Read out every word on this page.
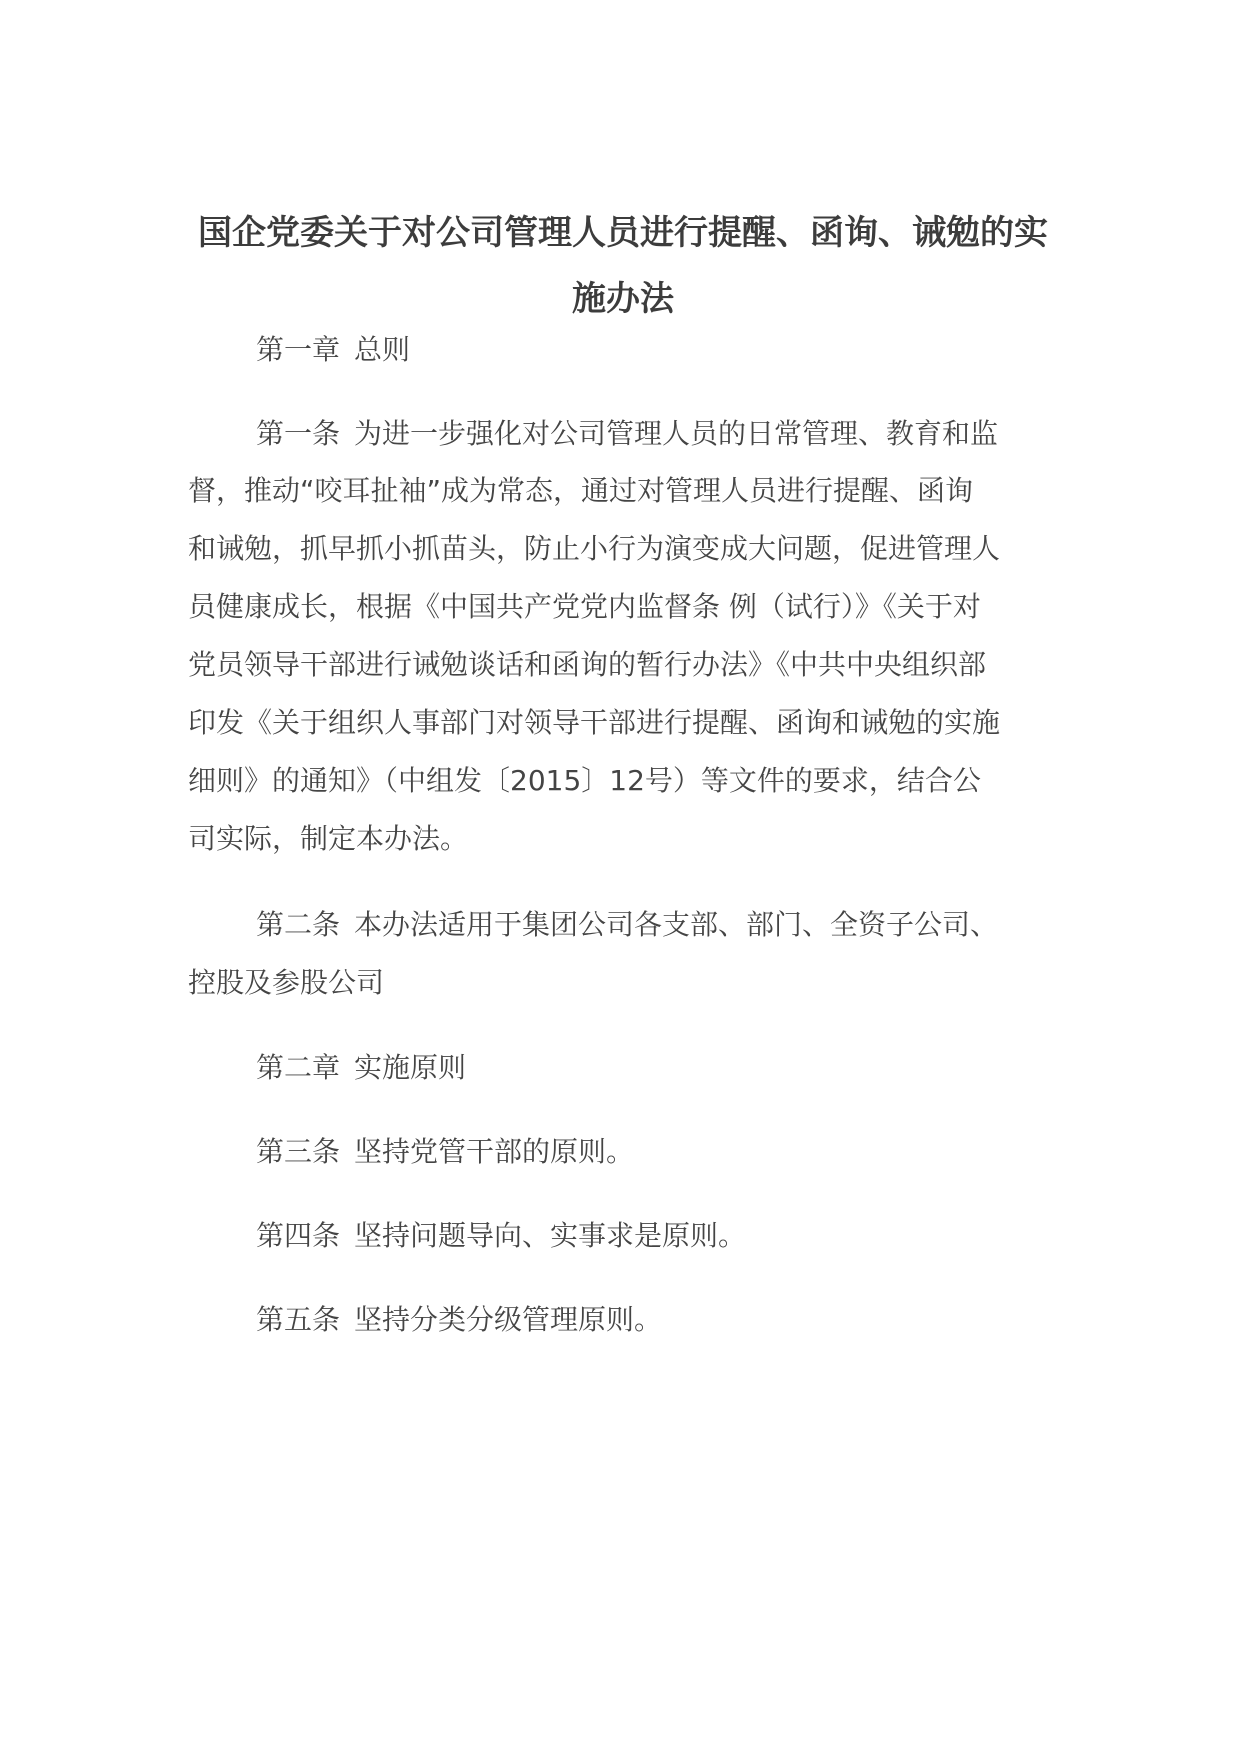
国企党委关于对公司管理人员进行提醒、函询、诫勉的实施办法
第一章 总则
第一条 为进一步强化对公司管理人员的日常管理、教育和监
督，推动“咬耳扯袖”成为常态，通过对管理人员进行提醒、函询
和诫勉，抓早抓小抓苗头，防止小行为演变成大问题，促进管理人
员健康成长，根据《中国共产党党内监督条 例（试行）》《关于对
党员领导干部进行诫勉谈话和函询的暂行办法》《中共中央组织部
印发《关于组织人事部门对领导干部进行提醒、函询和诫勉的实施
细则》的通知》（中组发〔2015〕12号）等文件的要求，结合公
司实际，制定本办法。
第二条 本办法适用于集团公司各支部、部门、全资子公司、
控股及参股公司
第二章 实施原则
第三条 坚持党管干部的原则。
第四条 坚持问题导向、实事求是原则。
第五条 坚持分类分级管理原则。
